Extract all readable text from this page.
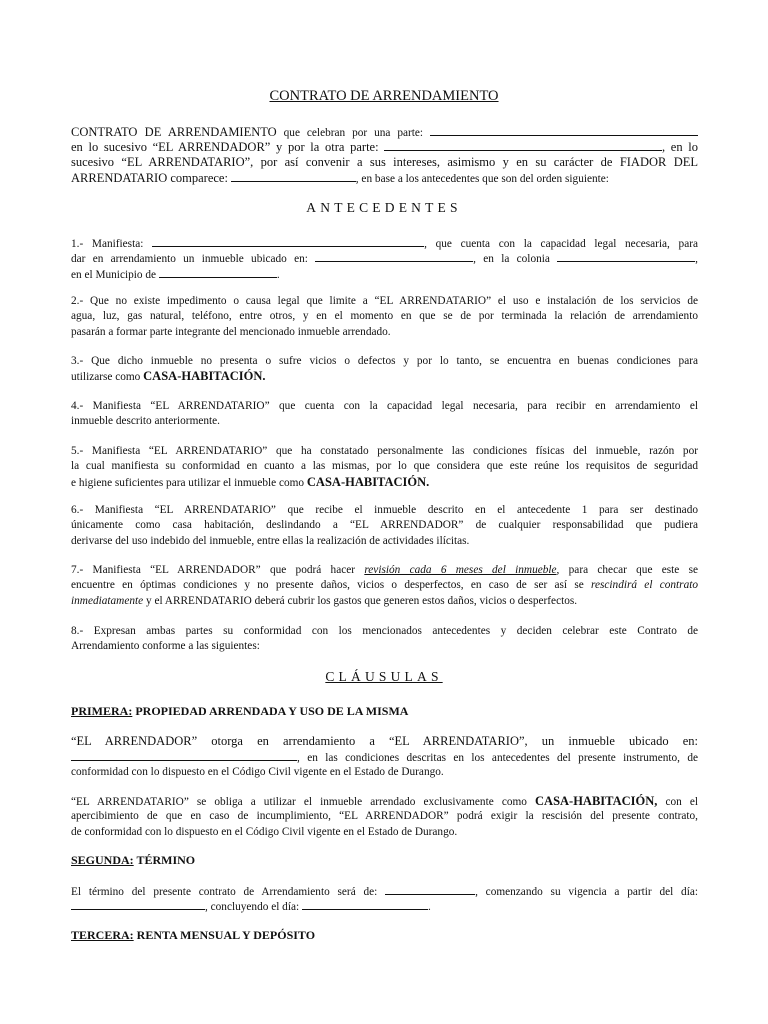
CONTRATO DE ARRENDAMIENTO
CONTRATO DE ARRENDAMIENTO que celebran por una parte:
en lo sucesivo “EL ARRENDADOR” y por la otra parte:	, en lo
sucesivo “EL ARRENDATARIO”, por así convenir a sus intereses, asimismo y en su carácter de FIADOR DEL
ARRENDATARIO comparece:	, en base a los antecedentes que son del orden siguiente:
ANTECEDENTES
1.- Manifiesta:	, que cuenta con la capacidad legal necesaria, para
dar en arrendamiento un inmueble ubicado en:	, en la colonia	,
en el Municipio de	.
2.- Que no existe impedimento o causa legal que limite a “EL ARRENDATARIO” el uso e instalación de los servicios de
agua, luz, gas natural, teléfono, entre otros, y en el momento en que se de por terminada la relación de arrendamiento
pasarán a formar parte integrante del mencionado inmueble arrendado.
3.- Que dicho inmueble no presenta o sufre vicios o defectos y por lo tanto, se encuentra en buenas condiciones para
utilizarse como CASA-HABITACIÓN.
4.- Manifiesta “EL ARRENDATARIO” que cuenta con la capacidad legal necesaria, para recibir en arrendamiento el
inmueble descrito anteriormente.
5.- Manifiesta “EL ARRENDATARIO” que ha constatado personalmente las condiciones físicas del inmueble, razón por
la cual manifiesta su conformidad en cuanto a las mismas, por lo que considera que este reúne los requisitos de seguridad
e higiene suficientes para utilizar el inmueble como CASA-HABITACIÓN.
6.- Manifiesta “EL ARRENDATARIO” que recibe el inmueble descrito en el antecedente 1 para ser destinado
únicamente como casa habitación, deslindando a “EL ARRENDADOR” de cualquier responsabilidad que pudiera
derivarse del uso indebido del inmueble, entre ellas la realización de actividades ilícitas.
7.- Manifiesta “EL ARRENDADOR” que podrá hacer revisión cada 6 meses del inmueble, para checar que este se
encuentre en óptimas condiciones y no presente daños, vicios o desperfectos, en caso de ser así se rescindirá el contrato
inmediatamente y el ARRENDATARIO deberá cubrir los gastos que generen estos daños, vicios o desperfectos.
8.- Expresan ambas partes su conformidad con los mencionados antecedentes y deciden celebrar este Contrato de
Arrendamiento conforme a las siguientes:
CLÁUSULAS
PRIMERA: PROPIEDAD ARRENDADA Y USO DE LA MISMA
“EL ARRENDADOR” otorga en arrendamiento a “EL ARRENDATARIO”, un inmueble ubicado en:
, en las condiciones descritas en los antecedentes del presente instrumento, de
conformidad con lo dispuesto en el Código Civil vigente en el Estado de Durango.
“EL ARRENDATARIO” se obliga a utilizar el inmueble arrendado exclusivamente como CASA-HABITACIÓN, con el
apercibimiento de que en caso de incumplimiento, “EL ARRENDADOR” podrá exigir la rescisión del presente contrato,
de conformidad con lo dispuesto en el Código Civil vigente en el Estado de Durango.
SEGUNDA: TÉRMINO
El término del presente contrato de Arrendamiento será de:	, comenzando su vigencia a partir del día:
, concluyendo el día:	.
TERCERA: RENTA MENSUAL Y DEPÓSITO
